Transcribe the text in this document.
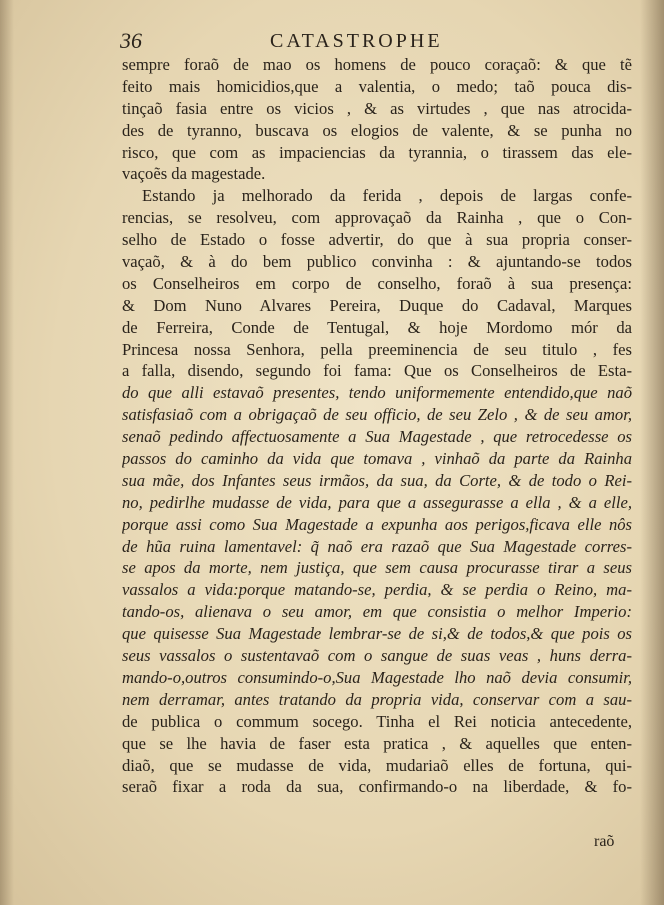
36	CATASTROPHE
sempre foraõ de mao os homens de pouco coraçaõ: & que tẽ
feito mais homicidios,que a valentia, o medo; taõ pouca dis-
tinçaõ fasia entre os vicios , & as virtudes , que nas atrocida-
des de tyranno, buscava os elogios de valente, & se punha no
risco, que com as impaciencias da tyrannia, o tirassem das ele-
vaçoẽs da magestade.
Estando ja melhorado da ferida , depois de largas confe-
rencias, se resolveu, com approvaçaõ da Rainha , que o Con-
selho de Estado o fosse advertir, do que à sua propria conser-
vaçaõ, & à do bem publico convinha : & ajuntando-se todos
os Conselheiros em corpo de conselho, foraõ à sua presença:
& Dom Nuno Alvares Pereira, Duque do Cadaval, Marques
de Ferreira, Conde de Tentugal, & hoje Mordomo mór da
Princesa nossa Senhora, pella preeminencia de seu titulo , fes
a falla, disendo, segundo foi fama: Que os Conselheiros de Esta-
do que alli estavaõ presentes, tendo uniformemente entendido,que naõ
satisfasiaõ com a obrigaçaõ de seu officio, de seu Zelo , & de seu amor,
senaõ pedindo affectuosamente a Sua Magestade , que retrocedesse os
passos do caminho da vida que tomava , vinhaõ da parte da Rainha
sua mãe, dos Infantes seus irmãos, da sua, da Corte, & de todo o Rei-
no, pedirlhe mudasse de vida, para que a assegurasse a ella , & a elle,
porque assi como Sua Magestade a expunha aos perigos,ficava elle nôs
de hũa ruina lamentavel: q̃ naõ era razaõ que Sua Magestade corres-
se apos da morte, nem justiça, que sem causa procurasse tirar a seus
vassalos a vida:porque matando-se, perdia, & se perdia o Reino, ma-
tando-os, alienava o seu amor, em que consistia o melhor Imperio:
que quisesse Sua Magestade lembrar-se de si,& de todos,& que pois os
seus vassalos o sustentavaõ com o sangue de suas veas , huns derra-
mando-o,outros consumindo-o,Sua Magestade lho naõ devia consumir,
nem derramar, antes tratando da propria vida, conservar com a sau-
de publica o commum socego. Tinha el Rei noticia antecedente,
que se lhe havia de faser esta pratica , & aquelles que enten-
diaõ, que se mudasse de vida, mudariaõ elles de fortuna, qui-
seraõ fixar a roda da sua, confirmando-o na liberdade, & fo-
raõ
